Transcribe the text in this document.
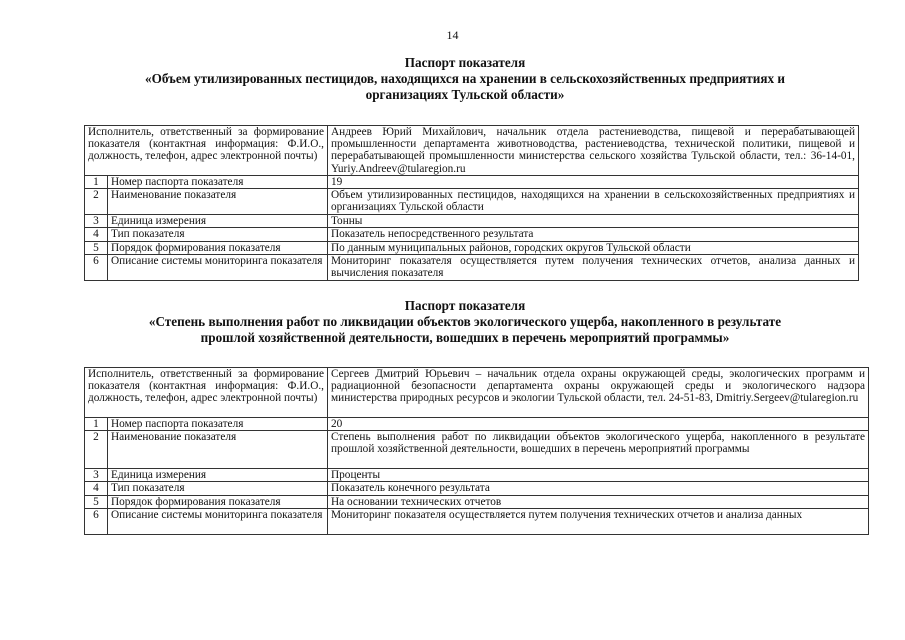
14
Паспорт показателя
«Объем утилизированных пестицидов, находящихся на хранении в сельскохозяйственных предприятиях и
организациях Тульской области»
Исполнитель, ответственный за формирование показателя (контактная информация: Ф.И.О., должность, телефон, адрес электронной почты)		Андреев Юрий Михайлович, начальник отдела растениеводства, пищевой и перерабатывающей промышленности департамента животноводства, растениеводства, технической политики, пищевой и перерабатывающей промышленности министерства сельского хозяйства Тульской области, тел.: 36-14-01, Yuriy.Andreev@tularegion.ru
1	Номер паспорта показателя	19
2	Наименование показателя	Объем утилизированных пестицидов, находящихся на хранении в сельскохозяйственных предприятиях и организациях Тульской области
3	Единица измерения	Тонны
4	Тип показателя	Показатель непосредственного результата
5	Порядок формирования показателя	По данным муниципальных районов, городских округов Тульской области
6	Описание системы мониторинга показателя	Мониторинг показателя осуществляется путем получения технических отчетов, анализа данных и вычисления показателя
Паспорт показателя
«Степень выполнения работ по ликвидации объектов экологического ущерба, накопленного в результате
прошлой хозяйственной деятельности, вошедших в перечень мероприятий программы»
Исполнитель, ответственный за формирование показателя (контактная информация: Ф.И.О., должность, телефон, адрес электронной почты)		Сергеев Дмитрий Юрьевич – начальник отдела охраны окружающей среды, экологических программ и радиационной безопасности департамента охраны окружающей среды и экологического надзора министерства природных ресурсов и экологии Тульской области, тел. 24-51-83, Dmitriy.Sergeev@tularegion.ru
1	Номер паспорта показателя	20
2	Наименование показателя	Степень выполнения работ по ликвидации объектов экологического ущерба, накопленного в результате прошлой хозяйственной деятельности, вошедших в перечень мероприятий программы
3	Единица измерения	Проценты
4	Тип показателя	Показатель конечного результата
5	Порядок формирования показателя	На основании технических отчетов
6	Описание системы мониторинга показателя	Мониторинг показателя осуществляется путем получения технических отчетов и анализа данных
